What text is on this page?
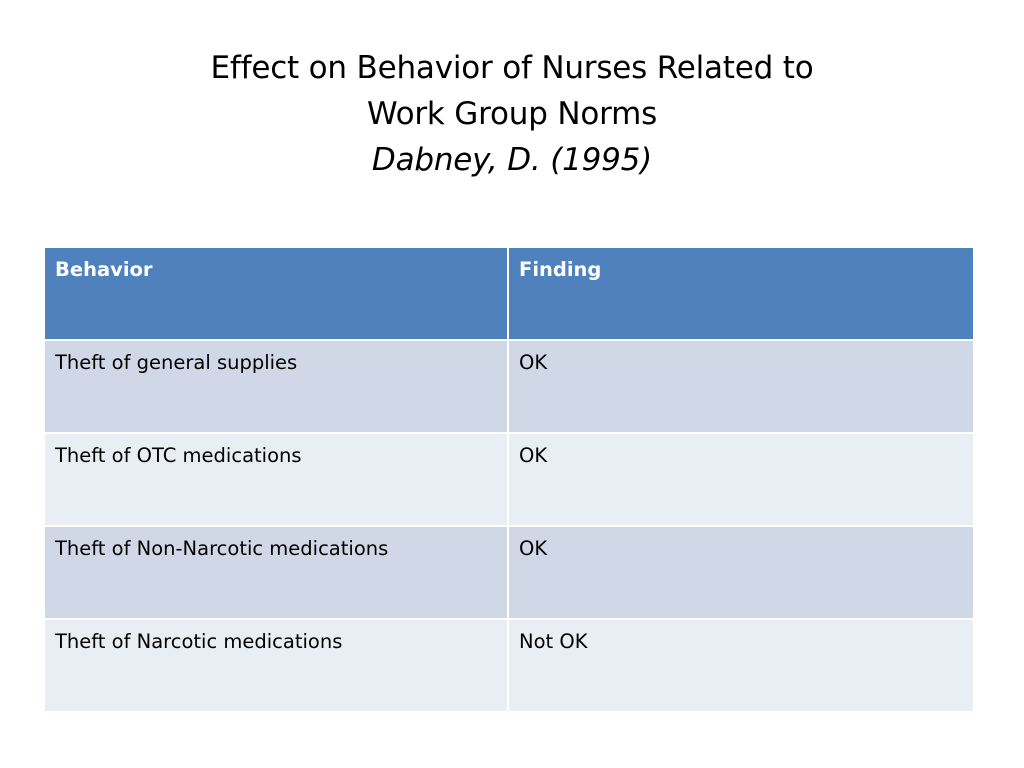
Effect on Behavior of Nurses Related to
Work Group Norms
Dabney, D. (1995)
Behavior	Finding
Theft of general supplies	OK
Theft of OTC medications	OK
Theft of Non-Narcotic medications	OK
Theft of Narcotic medications	Not OK
